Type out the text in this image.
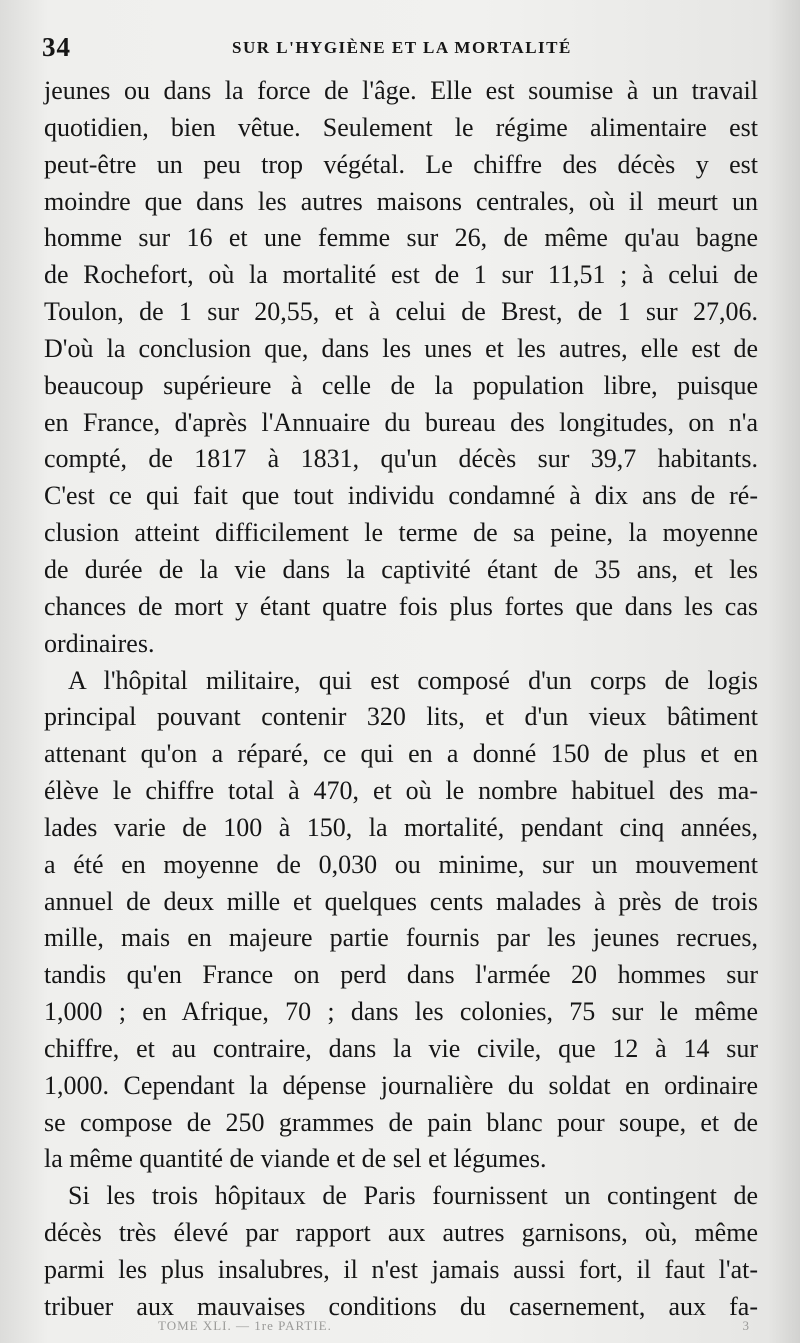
34	SUR L'HYGIÈNE ET LA MORTALITÉ
jeunes ou dans la force de l'âge. Elle est soumise à un travail
quotidien, bien vêtue. Seulement le régime alimentaire est
peut-être un peu trop végétal. Le chiffre des décès y est
moindre que dans les autres maisons centrales, où il meurt un
homme sur 16 et une femme sur 26, de même qu'au bagne
de Rochefort, où la mortalité est de 1 sur 11,51 ; à celui de
Toulon, de 1 sur 20,55, et à celui de Brest, de 1 sur 27,06.
D'où la conclusion que, dans les unes et les autres, elle est de
beaucoup supérieure à celle de la population libre, puisque
en France, d'après l'Annuaire du bureau des longitudes, on n'a
compté, de 1817 à 1831, qu'un décès sur 39,7 habitants.
C'est ce qui fait que tout individu condamné à dix ans de ré-
clusion atteint difficilement le terme de sa peine, la moyenne
de durée de la vie dans la captivité étant de 35 ans, et les
chances de mort y étant quatre fois plus fortes que dans les cas
ordinaires.
A l'hôpital militaire, qui est composé d'un corps de logis
principal pouvant contenir 320 lits, et d'un vieux bâtiment
attenant qu'on a réparé, ce qui en a donné 150 de plus et en
élève le chiffre total à 470, et où le nombre habituel des ma-
lades varie de 100 à 150, la mortalité, pendant cinq années,
a été en moyenne de 0,030 ou minime, sur un mouvement
annuel de deux mille et quelques cents malades à près de trois
mille, mais en majeure partie fournis par les jeunes recrues,
tandis qu'en France on perd dans l'armée 20 hommes sur
1,000 ; en Afrique, 70 ; dans les colonies, 75 sur le même
chiffre, et au contraire, dans la vie civile, que 12 à 14 sur
1,000. Cependant la dépense journalière du soldat en ordinaire
se compose de 250 grammes de pain blanc pour soupe, et de
la même quantité de viande et de sel et légumes.
Si les trois hôpitaux de Paris fournissent un contingent de
décès très élevé par rapport aux autres garnisons, où, même
parmi les plus insalubres, il n'est jamais aussi fort, il faut l'at-
tribuer aux mauvaises conditions du casernement, aux fa-
TOME XLI. — 1re PARTIE.	3
